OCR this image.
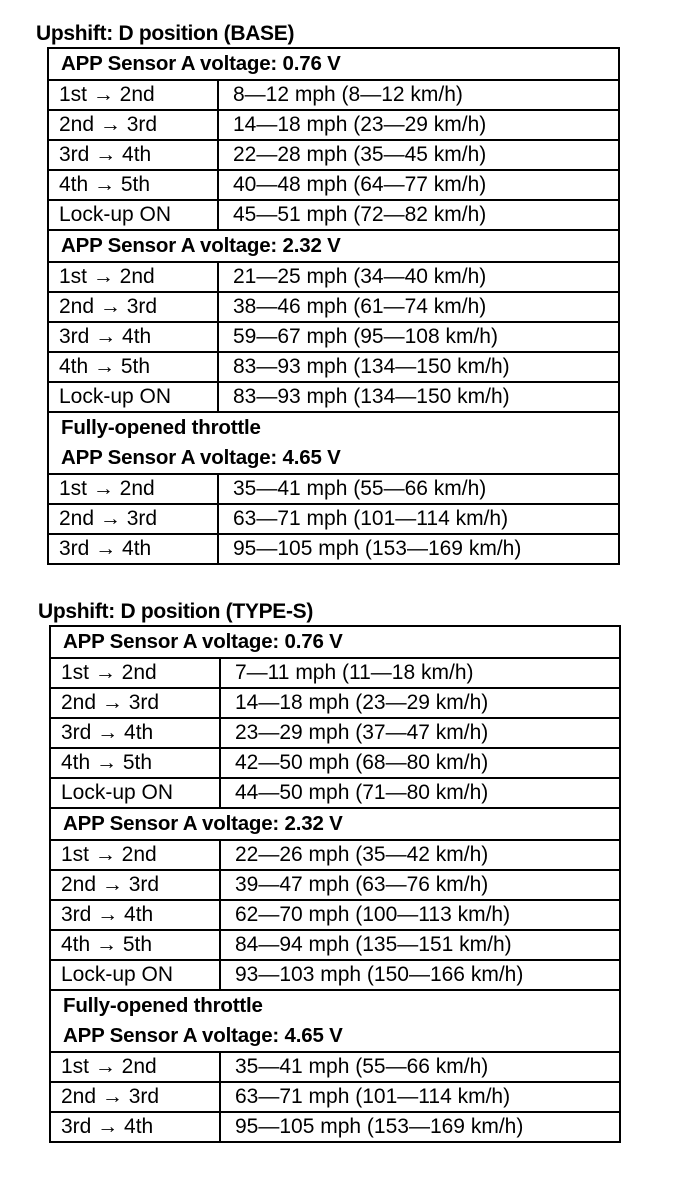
Upshift: D position (BASE)
APP Sensor A voltage: 0.76 V
1st → 2nd	8—12 mph (8—12 km/h)
2nd → 3rd	14—18 mph (23—29 km/h)
3rd → 4th	22—28 mph (35—45 km/h)
4th → 5th	40—48 mph (64—77 km/h)
Lock-up ON	45—51 mph (72—82 km/h)
APP Sensor A voltage: 2.32 V
1st → 2nd	21—25 mph (34—40 km/h)
2nd → 3rd	38—46 mph (61—74 km/h)
3rd → 4th	59—67 mph (95—108 km/h)
4th → 5th	83—93 mph (134—150 km/h)
Lock-up ON	83—93 mph (134—150 km/h)
Fully-opened throttle
APP Sensor A voltage: 4.65 V
1st → 2nd	35—41 mph (55—66 km/h)
2nd → 3rd	63—71 mph (101—114 km/h)
3rd → 4th	95—105 mph (153—169 km/h)
Upshift: D position (TYPE-S)
APP Sensor A voltage: 0.76 V
1st → 2nd	7—11 mph (11—18 km/h)
2nd → 3rd	14—18 mph (23—29 km/h)
3rd → 4th	23—29 mph (37—47 km/h)
4th → 5th	42—50 mph (68—80 km/h)
Lock-up ON	44—50 mph (71—80 km/h)
APP Sensor A voltage: 2.32 V
1st → 2nd	22—26 mph (35—42 km/h)
2nd → 3rd	39—47 mph (63—76 km/h)
3rd → 4th	62—70 mph (100—113 km/h)
4th → 5th	84—94 mph (135—151 km/h)
Lock-up ON	93—103 mph (150—166 km/h)
Fully-opened throttle
APP Sensor A voltage: 4.65 V
1st → 2nd	35—41 mph (55—66 km/h)
2nd → 3rd	63—71 mph (101—114 km/h)
3rd → 4th	95—105 mph (153—169 km/h)
